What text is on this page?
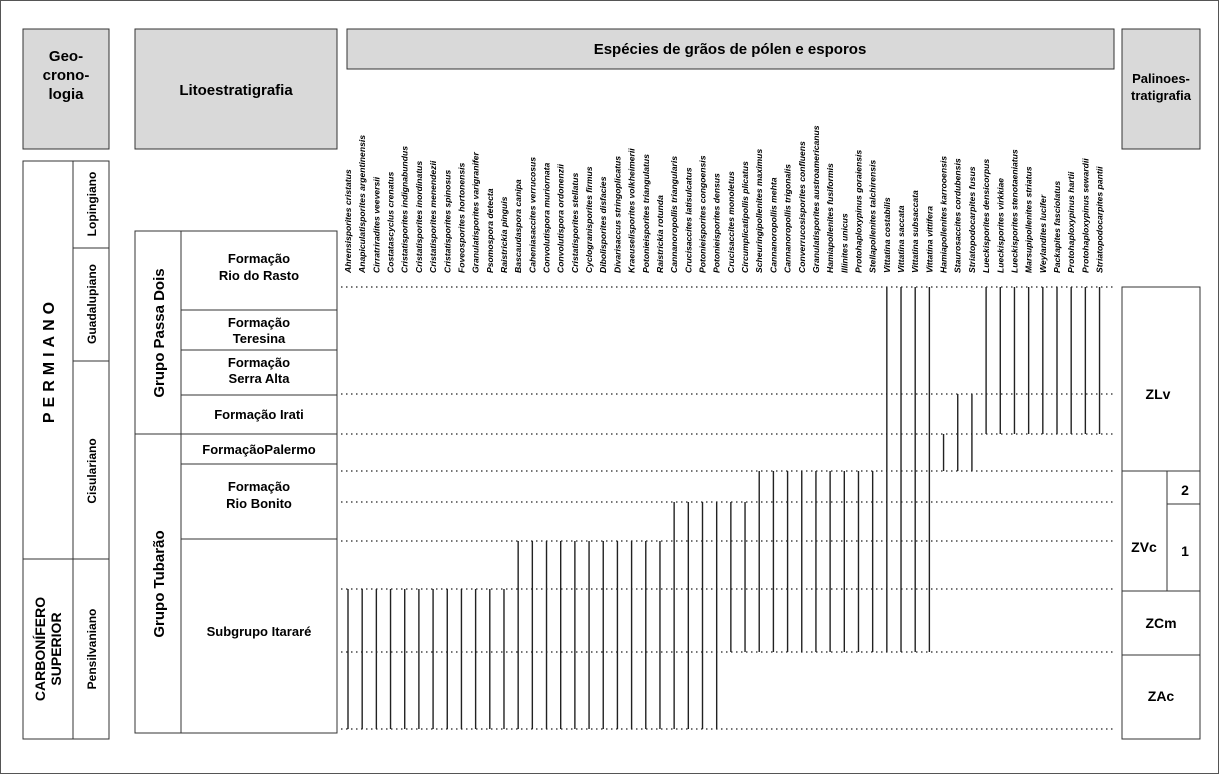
Geo-
crono-
logia	Litoestratigrafia
Espécies de grãos de pólen e esporos
Palinoes-
tratigrafia
PERMIANO
CARBONÍFERO SUPERIOR
Lopingiano
Guadalupiano
Cisulariano
Pensilvaniano
Grupo Passa Dois
Grupo Tubarão
Formação
Rio do Rasto
Formação
Teresina
Formação
Serra Alta
Formação Irati
FormaçãoPalermo
Formação
Rio Bonito
Subgrupo Itararé
ZLv
ZVc
2
1
ZCm
ZAc
Ahrensisporites cristatus Anapiculatisporites argentinensis Cirratriradites veeversii Costatascyclus crenatus Cristatisporites indignabundus Cristatisporites inordinatus Cristatisporites menendezii Cristatisporites spinosus Foveosporites hortonensis Granulatisporites varigranifer Psomospora detecta Raistrickia pinguis Bascaudaspora canipa Caheniasaccites verrucosus Convolutispora muriornata Convolutispora ordonenzii Cristatisporites stellatus Cyclogranisporites firmus Dibolisporites disfacies Divarisaccus stringoplicatus Kraeuselisporites volkheimerii Potonieisporites triangulatus Raistrickia rotunda Cannanoropollis triangularis Crucisaccites latisulcatus Potonieisporites congoensis Potonieisporites densus Crucisaccites monoletus Circumplicatipollis plicatus Scheuringipollenites maximus Cannanoropollis mehta Cannanoropollis trigonalis Converrucosisporites confluens Granulatisporites austroamericanus Hamiapollenites fusiformis Illinites unicus Protohaploxypinus goraiensis Stellapollenites talchirensis Vittatina costabilis Vittatina saccata Vittatina subsaccata Vittatina vittifera Hamiapollenites karrooensis Staurosaccites cordubensis Striatopodocarpites fusus Lueckisporites densicorpus Lueckisporites virkkiae Lueckisporites stenotaeniatus Marsupipollenites striatus Weylandites lucifer Packapites fasciolatus Protohaploxypinus hartii Protohaploxypinus sewardii Striatopodocarpites pantii
